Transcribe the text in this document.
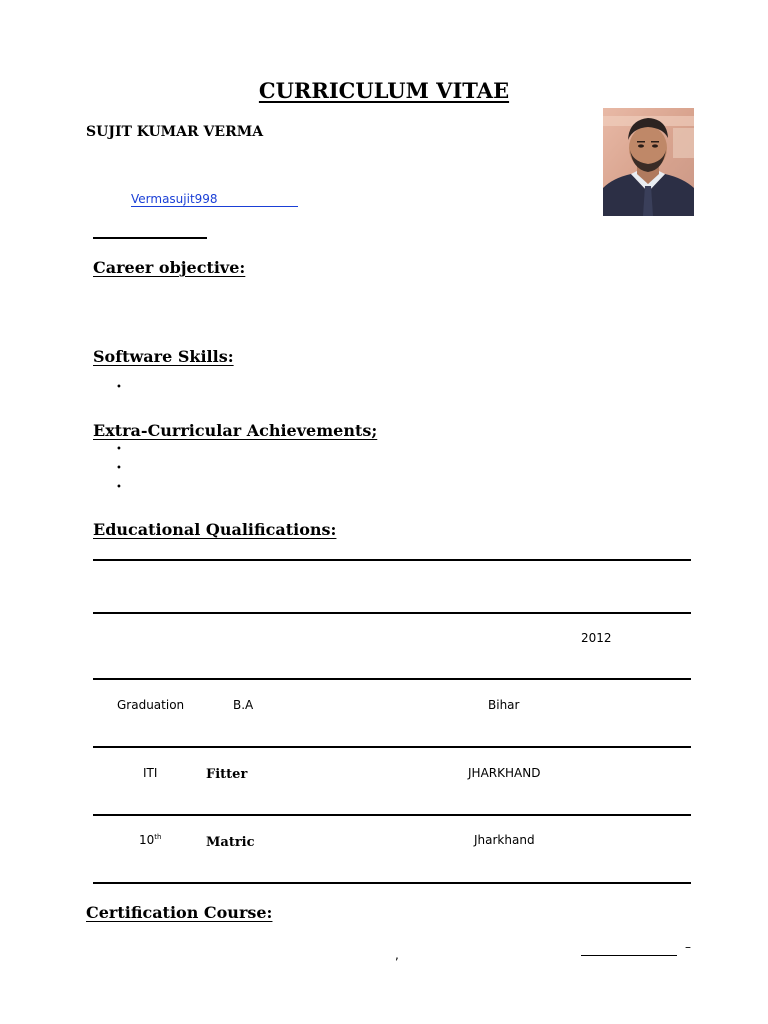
CURRICULUM VITAE
SUJIT KUMAR VERMA
Vermasujit998
Career objective:
Software Skills:
•
Extra-Curricular Achievements;
•
•
•
Educational Qualifications:
2012
Graduation	B.A	Bihar
ITI	Fitter	JHARKHAND
10th	Matric	Jharkhand
Certification Course:
,
–
